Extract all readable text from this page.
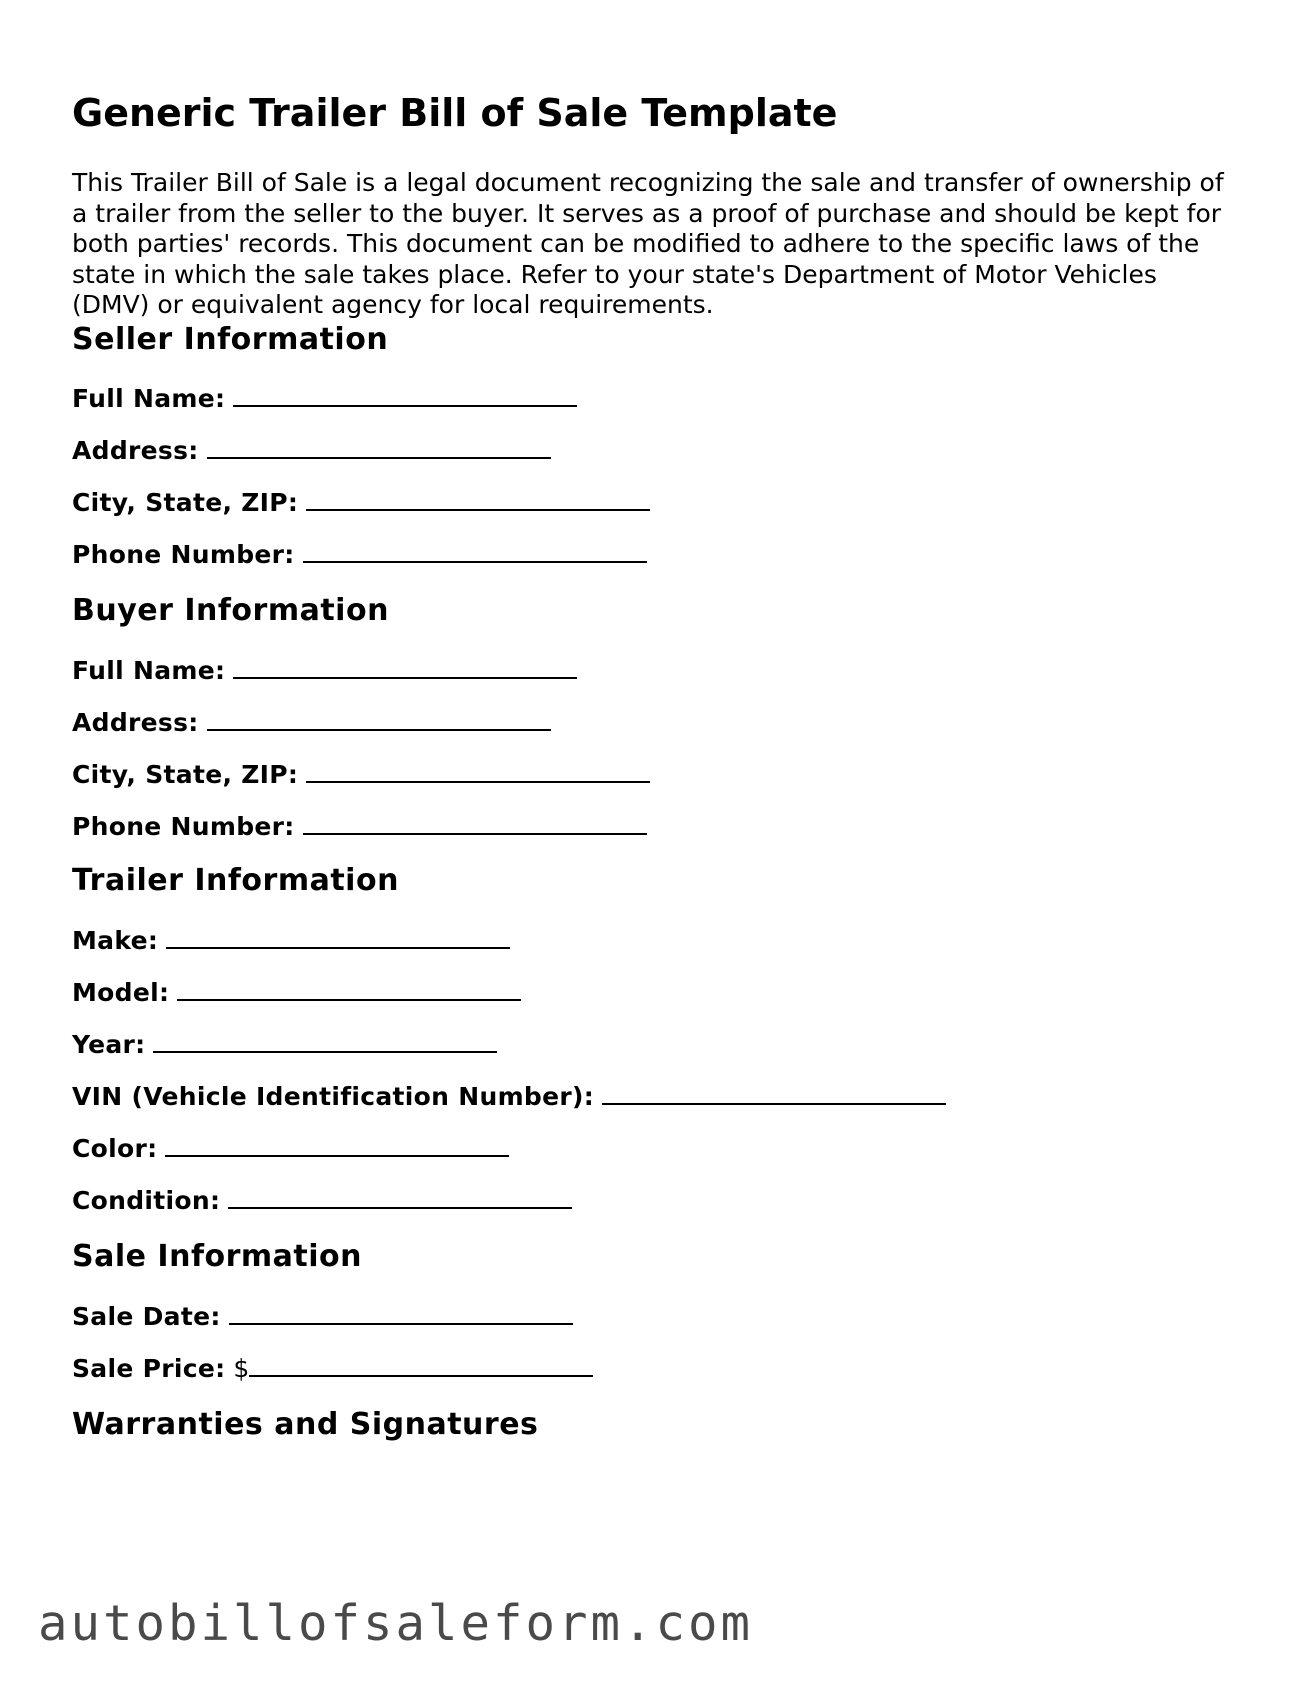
Generic Trailer Bill of Sale Template

This Trailer Bill of Sale is a legal document recognizing the sale and transfer of ownership of a trailer from the seller to the buyer. It serves as a proof of purchase and should be kept for both parties' records. This document can be modified to adhere to the specific laws of the state in which the sale takes place. Refer to your state's Department of Motor Vehicles (DMV) or equivalent agency for local requirements.

Seller Information
Full Name:
Address:
City, State, ZIP:
Phone Number:
Buyer Information
Full Name:
Address:
City, State, ZIP:
Phone Number:
Trailer Information
Make:
Model:
Year:
VIN (Vehicle Identification Number):
Color:
Condition:
Sale Information
Sale Date:
Sale Price: $
Warranties and Signatures
autobillofsaleform.com
